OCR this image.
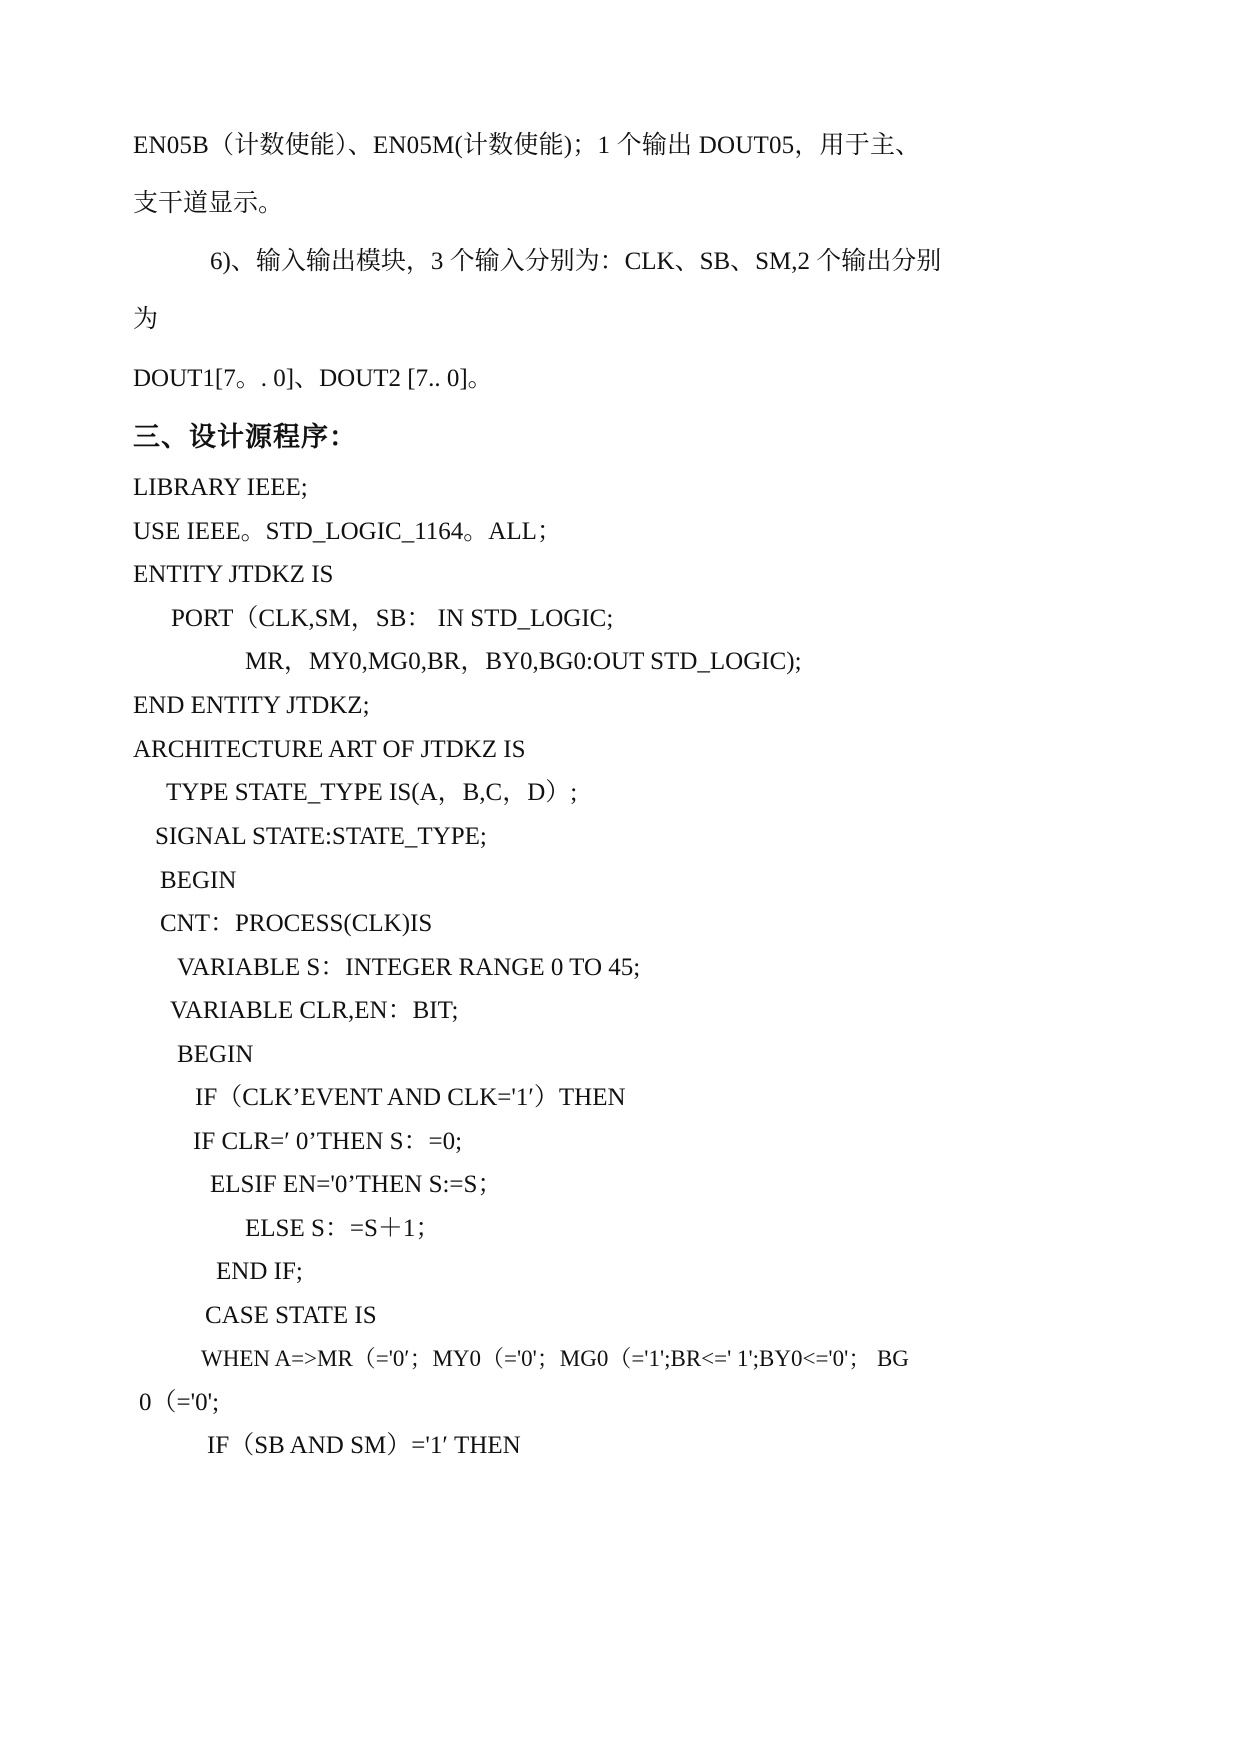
EN05B（计数使能）、EN05M(计数使能)；1 个输出 DOUT05，用于主、
支干道显示。
6)、输入输出模块，3 个输入分别为：CLK、SB、SM,2 个输出分别
为
DOUT1[7。. 0]、DOUT2 [7.. 0]。
三、设计源程序：
LIBRARY IEEE;
USE IEEE。STD_LOGIC_1164。ALL；
ENTITY JTDKZ IS
PORT（CLK,SM，SB： IN STD_LOGIC;
MR，MY0,MG0,BR，BY0,BG0:OUT STD_LOGIC);
END ENTITY JTDKZ;
ARCHITECTURE ART OF JTDKZ IS
TYPE STATE_TYPE IS(A，B,C，D）;
SIGNAL STATE:STATE_TYPE;
BEGIN
CNT：PROCESS(CLK)IS
VARIABLE S：INTEGER RANGE 0 TO 45;
VARIABLE CLR,EN：BIT;
BEGIN
IF（CLK’EVENT AND CLK='1′）THEN
IF CLR=′ 0’THEN S：=0;
ELSIF EN='0’THEN S:=S；
ELSE S：=S＋1；
END IF;
CASE STATE IS
WHEN A=>MR（='0′；MY0（='0'；MG0（='1';BR<=' 1';BY0<='0'； BG
0（='0';
IF（SB AND SM）='1′ THEN
